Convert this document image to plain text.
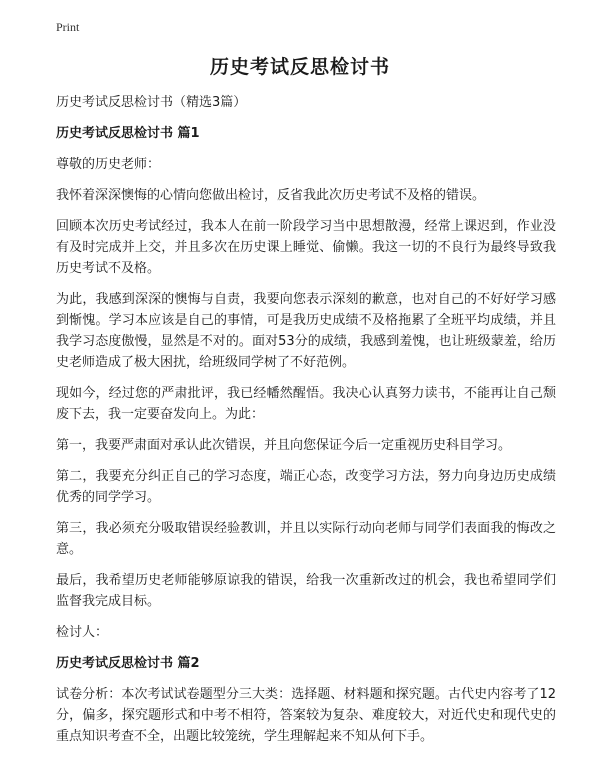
Print
历史考试反思检讨书

历史考试反思检讨书（精选3篇）

历史考试反思检讨书 篇1

尊敬的历史老师：

我怀着深深懊悔的心情向您做出检讨，反省我此次历史考试不及格的错误。

回顾本次历史考试经过，我本人在前一阶段学习当中思想散漫，经常上课迟到，作业没有及时完成并上交，并且多次在历史课上睡觉、偷懒。我这一切的不良行为最终导致我历史考试不及格。

为此，我感到深深的懊悔与自责，我要向您表示深刻的歉意，也对自己的不好好学习感到惭愧。学习本应该是自己的事情，可是我历史成绩不及格拖累了全班平均成绩，并且我学习态度傲慢，显然是不对的。面对53分的成绩，我感到羞愧，也让班级蒙羞，给历史老师造成了极大困扰，给班级同学树了不好范例。

现如今，经过您的严肃批评，我已经幡然醒悟。我决心认真努力读书，不能再让自己颓废下去，我一定要奋发向上。为此：

第一，我要严肃面对承认此次错误，并且向您保证今后一定重视历史科目学习。

第二，我要充分纠正自己的学习态度，端正心态，改变学习方法，努力向身边历史成绩优秀的同学学习。

第三，我必须充分吸取错误经验教训，并且以实际行动向老师与同学们表面我的悔改之意。

最后，我希望历史老师能够原谅我的错误，给我一次重新改过的机会，我也希望同学们监督我完成目标。

检讨人：

历史考试反思检讨书 篇2

试卷分析：本次考试试卷题型分三大类：选择题、材料题和探究题。古代史内容考了12分，偏多，探究题形式和中考不相符，答案较为复杂、难度较大，对近代史和现代史的重点知识考查不全，出题比较笼统，学生理解起来不知从何下手。
